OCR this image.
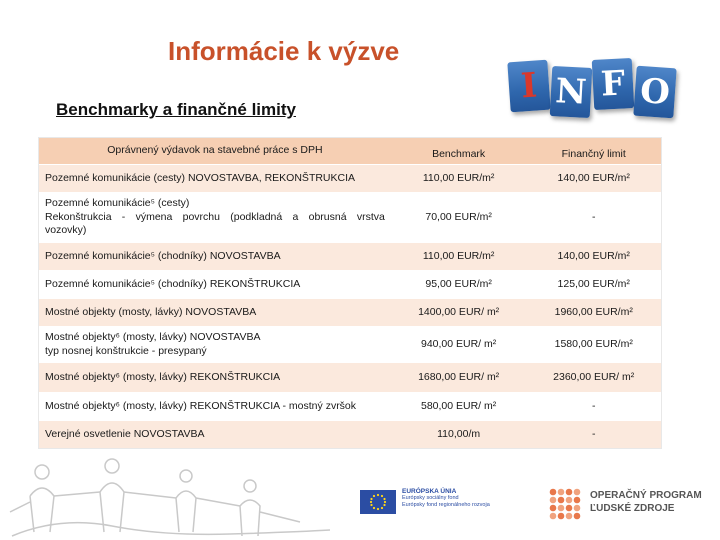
Informácie k výzve
Benchmarky a finančné limity
I N F O
Oprávnený výdavok na stavebné práce s DPH	Benchmark	Finančný limit
Pozemné komunikácie (cesty) NOVOSTAVBA, REKONŠTRUKCIA	110,00 EUR/m²	140,00 EUR/m²
Pozemné komunikácie⁵ (cesty)
Rekonštrukcia - výmena povrchu (podkladná a obrusná vrstva
vozovky)
70,00 EUR/m²	-
Pozemné komunikácie⁵ (chodníky) NOVOSTAVBA	110,00 EUR/m²	140,00 EUR/m²
Pozemné komunikácie⁵ (chodníky) REKONŠTRUKCIA	95,00 EUR/m²	125,00 EUR/m²
Mostné objekty (mosty, lávky) NOVOSTAVBA	1400,00 EUR/ m²	1960,00 EUR/m²
Mostné objekty⁶ (mosty, lávky) NOVOSTAVBA
typ nosnej konštrukcie - presypaný
940,00 EUR/ m²	1580,00 EUR/m²
Mostné objekty⁶ (mosty, lávky) REKONŠTRUKCIA	1680,00 EUR/ m²	2360,00 EUR/ m²
Mostné objekty⁶ (mosty, lávky) REKONŠTRUKCIA - mostný zvršok	580,00 EUR/ m²	-
Verejné osvetlenie NOVOSTAVBA	110,00/m	-
EURÓPSKA ÚNIA
Európsky sociálny fond
Európsky fond regionálneho rozvoja
OPERAČNÝ PROGRAM
ĽUDSKÉ ZDROJE
